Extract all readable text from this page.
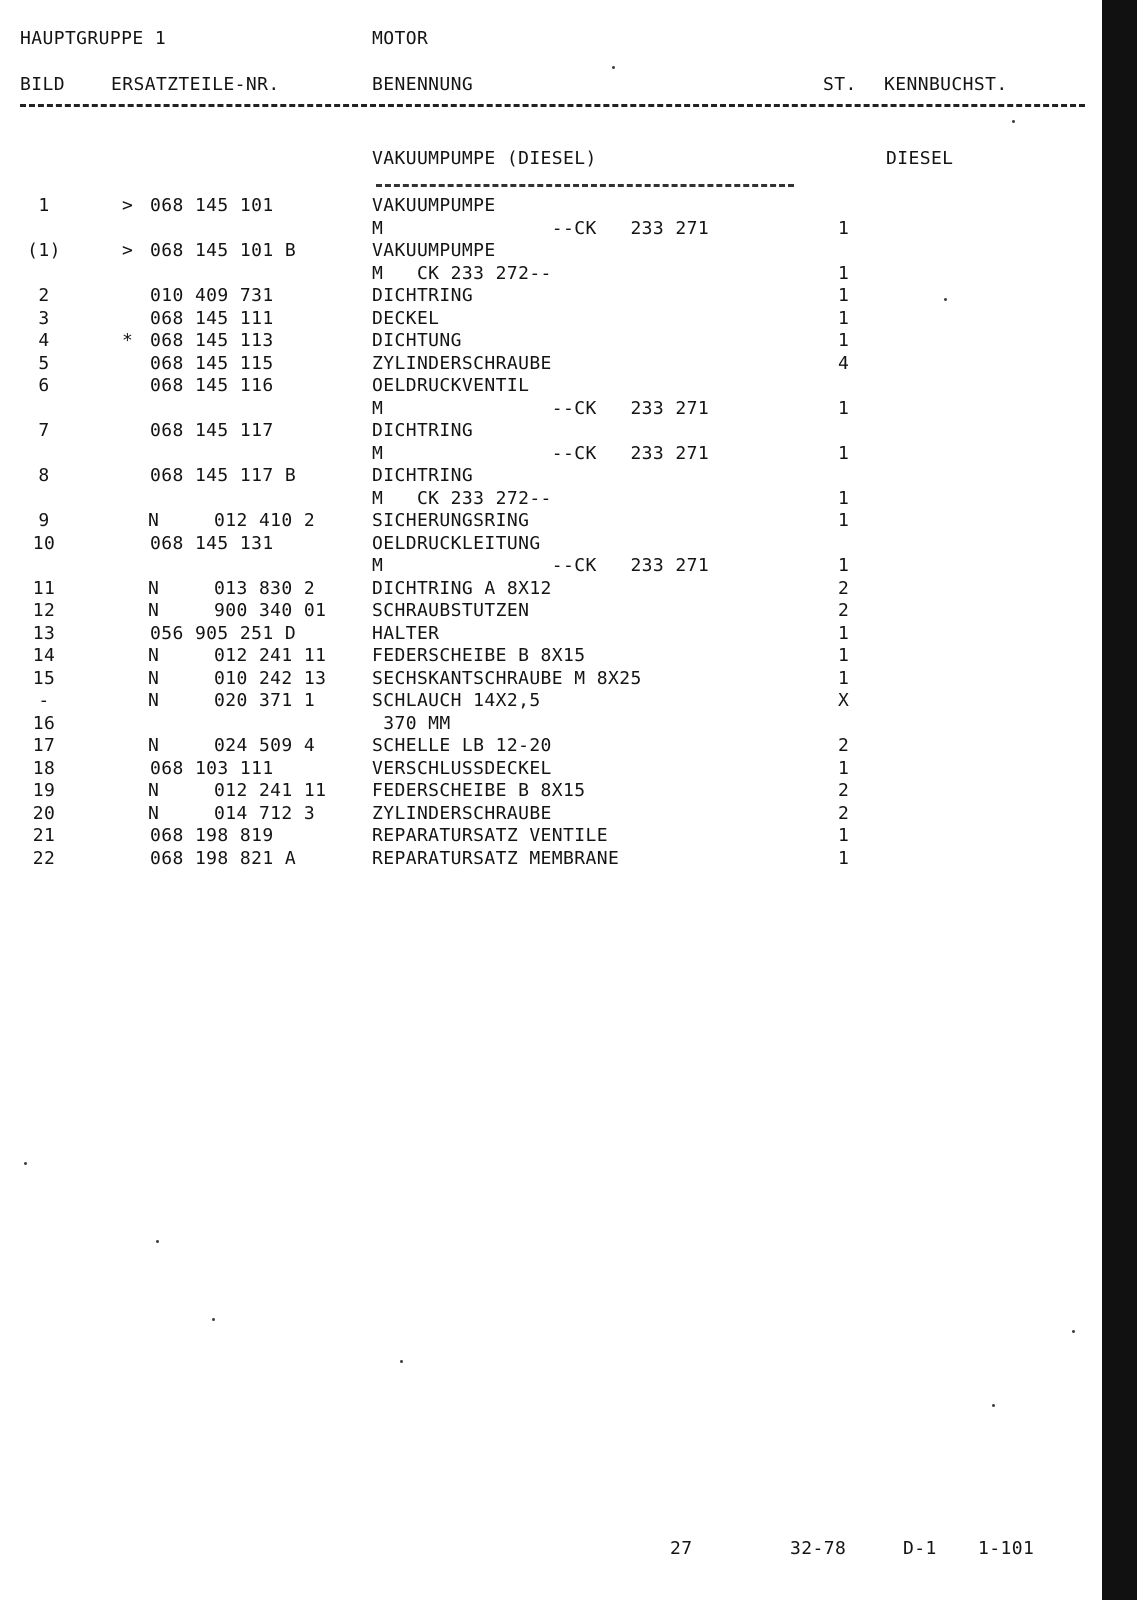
HAUPTGRUPPE 1	MOTOR
BILD	ERSATZTEILE-NR.	BENENNUNG	ST. KENNBUCHST.
VAKUUMPUMPE (DIESEL)	DIESEL
1	> 068 145 101	VAKUUMPUMPE
M               --CK   233 271	1
(1)	> 068 145 101 B	VAKUUMPUMPE
M   CK 233 272--	1
2	010 409 731	DICHTRING	1
3	068 145 111	DECKEL	1
4	* 068 145 113	DICHTUNG	1
5	068 145 115	ZYLINDERSCHRAUBE	4
6	068 145 116	OELDRUCKVENTIL
M               --CK   233 271	1
7	068 145 117	DICHTRING
M               --CK   233 271	1
8	068 145 117 B	DICHTRING
M   CK 233 272--	1
9	N	012 410 2	SICHERUNGSRING	1
10	068 145 131	OELDRUCKLEITUNG
M               --CK   233 271	1
11	N	013 830 2	DICHTRING A 8X12	2
12	N	900 340 01	SCHRAUBSTUTZEN	2
13	056 905 251 D	HALTER	1
14	N	012 241 11	FEDERSCHEIBE B 8X15	1
15	N	010 242 13	SECHSKANTSCHRAUBE M 8X25	1
-	N	020 371 1	SCHLAUCH 14X2,5	X
16	370 MM
17	N	024 509 4	SCHELLE LB 12-20	2
18	068 103 111	VERSCHLUSSDECKEL	1
19	N	012 241 11	FEDERSCHEIBE B 8X15	2
20	N	014 712 3	ZYLINDERSCHRAUBE	2
21	068 198 819	REPARATURSATZ VENTILE	1
22	068 198 821 A	REPARATURSATZ MEMBRANE	1
27	32-78	D-1 1-101
